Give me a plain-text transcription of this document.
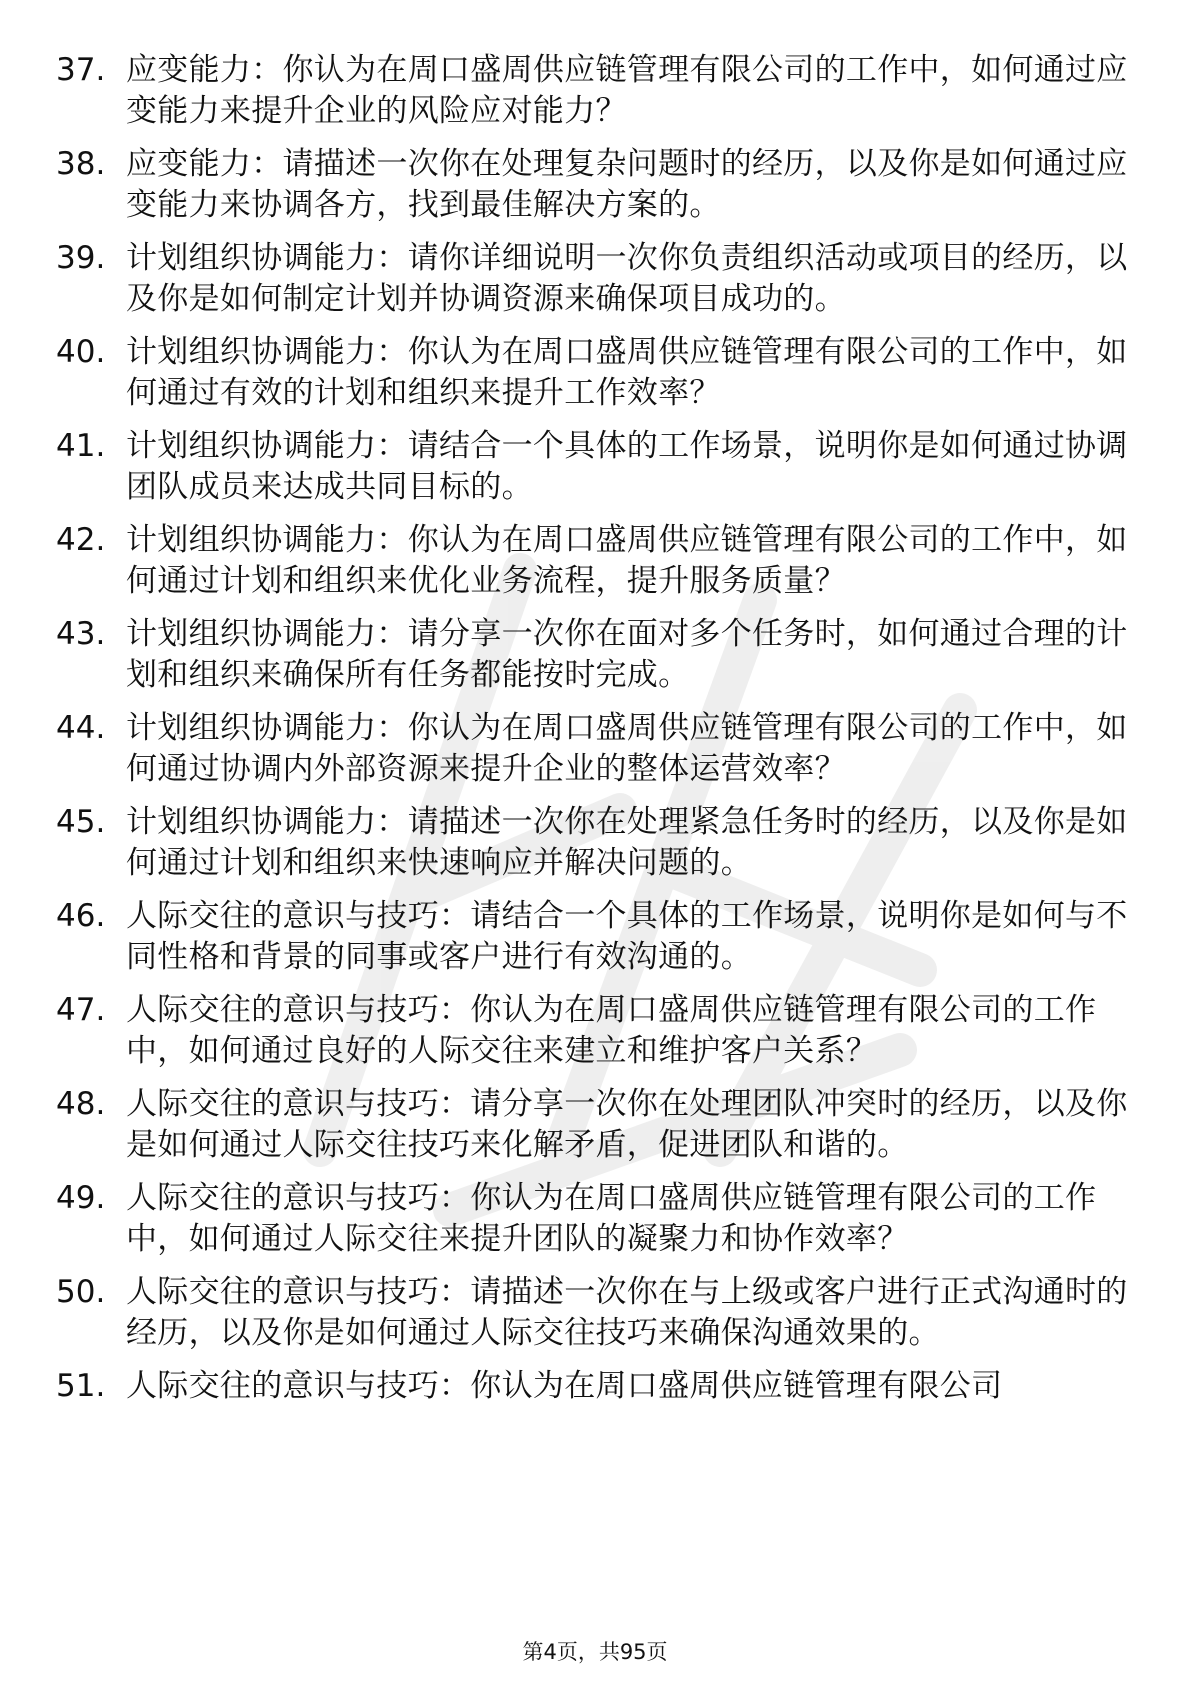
37. 应变能力：你认为在周口盛周供应链管理有限公司的工作中，如何通过应变能力来提升企业的风险应对能力？
38. 应变能力：请描述一次你在处理复杂问题时的经历，以及你是如何通过应变能力来协调各方，找到最佳解决方案的。
39. 计划组织协调能力：请你详细说明一次你负责组织活动或项目的经历，以及你是如何制定计划并协调资源来确保项目成功的。
40. 计划组织协调能力：你认为在周口盛周供应链管理有限公司的工作中，如何通过有效的计划和组织来提升工作效率？
41. 计划组织协调能力：请结合一个具体的工作场景，说明你是如何通过协调团队成员来达成共同目标的。
42. 计划组织协调能力：你认为在周口盛周供应链管理有限公司的工作中，如何通过计划和组织来优化业务流程，提升服务质量？
43. 计划组织协调能力：请分享一次你在面对多个任务时，如何通过合理的计划和组织来确保所有任务都能按时完成。
44. 计划组织协调能力：你认为在周口盛周供应链管理有限公司的工作中，如何通过协调内外部资源来提升企业的整体运营效率？
45. 计划组织协调能力：请描述一次你在处理紧急任务时的经历，以及你是如何通过计划和组织来快速响应并解决问题的。
46. 人际交往的意识与技巧：请结合一个具体的工作场景，说明你是如何与不同性格和背景的同事或客户进行有效沟通的。
47. 人际交往的意识与技巧：你认为在周口盛周供应链管理有限公司的工作中，如何通过良好的人际交往来建立和维护客户关系？
48. 人际交往的意识与技巧：请分享一次你在处理团队冲突时的经历，以及你是如何通过人际交往技巧来化解矛盾，促进团队和谐的。
49. 人际交往的意识与技巧：你认为在周口盛周供应链管理有限公司的工作中，如何通过人际交往来提升团队的凝聚力和协作效率？
50. 人际交往的意识与技巧：请描述一次你在与上级或客户进行正式沟通时的经历，以及你是如何通过人际交往技巧来确保沟通效果的。
51. 人际交往的意识与技巧：你认为在周口盛周供应链管理有限公司
第4页，共95页
